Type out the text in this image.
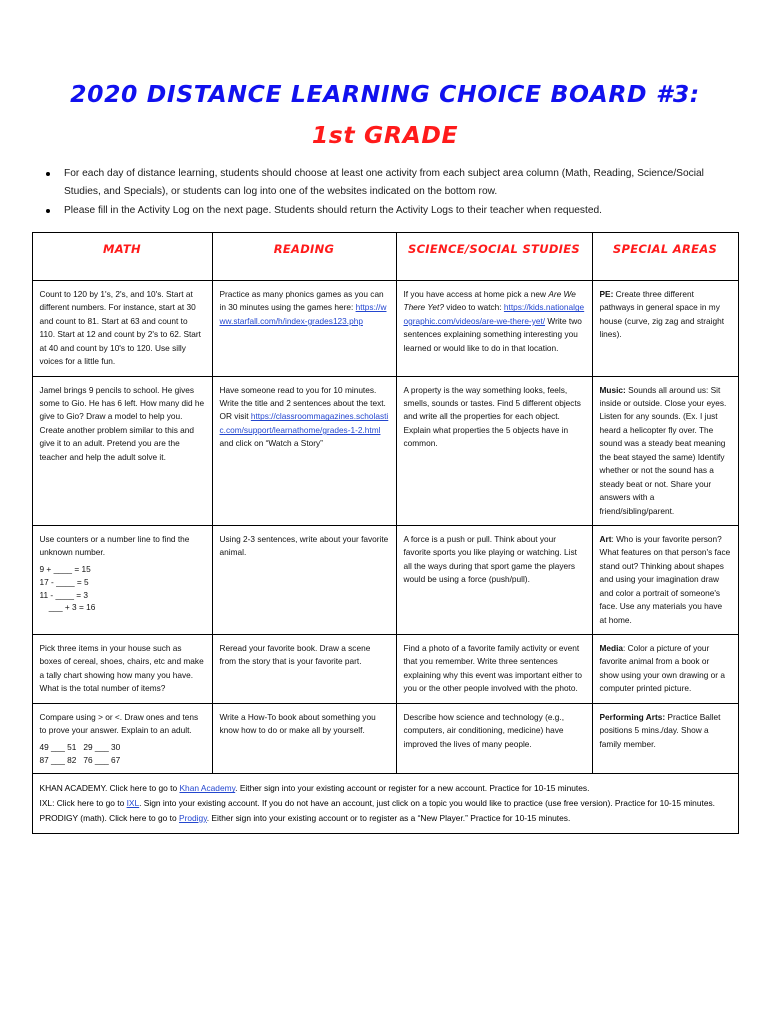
2020 DISTANCE LEARNING CHOICE BOARD #3:
1st GRADE
For each day of distance learning, students should choose at least one activity from each subject area column (Math, Reading, Science/Social Studies, and Specials), or students can log into one of the websites indicated on the bottom row.
Please fill in the Activity Log on the next page. Students should return the Activity Logs to their teacher when requested.
MATH	READING	SCIENCE/SOCIAL STUDIES	SPECIAL AREAS
Count to 120 by 1's, 2's, and 10's. Start at different numbers. For instance, start at 30 and count to 81. Start at 63 and count to 110. Start at 12 and count by 2's to 62. Start at 40 and count by 10's to 120. Use silly voices for a little fun.	Practice as many phonics games as you can in 30 minutes using the games here: https://www.starfall.com/h/index-grades123.php	If you have access at home pick a new Are We There Yet? video to watch: https://kids.nationalgeographic.com/videos/are-we-there-yet/ Write two sentences explaining something interesting you learned or would like to do in that location.	PE: Create three different pathways in general space in my house (curve, zig zag and straight lines).
Jamel brings 9 pencils to school. He gives some to Gio. He has 6 left. How many did he give to Gio? Draw a model to help you. Create another problem similar to this and give it to an adult. Pretend you are the teacher and help the adult solve it.	Have someone read to you for 10 minutes. Write the title and 2 sentences about the text. OR visit https://classroommagazines.scholastic.com/support/learnathome/grades-1-2.html and click on “Watch a Story”	A property is the way something looks, feels, smells, sounds or tastes. Find 5 different objects and write all the properties for each object. Explain what properties the 5 objects have in common.	Music: Sounds all around us: Sit inside or outside. Close your eyes. Listen for any sounds. (Ex. I just heard a helicopter fly over. The sound was a steady beat meaning the beat stayed the same) Identify whether or not the sound has a steady beat or not. Share your answers with a friend/sibling/parent.
Use counters or a number line to find the unknown number.
9 + ____ = 15
17 - ____ = 5
11 - ____ = 3
___ + 3 = 16
	Using 2-3 sentences, write about your favorite animal.	A force is a push or pull. Think about your favorite sports you like playing or watching. List all the ways during that sport game the players would be using a force (push/pull).	Art: Who is your favorite person? What features on that person's face stand out? Thinking about shapes and using your imagination draw and color a portrait of someone's face. Use any materials you have at home.
Pick three items in your house such as boxes of cereal, shoes, chairs, etc and make a tally chart showing how many you have. What is the total number of items?	Reread your favorite book. Draw a scene from the story that is your favorite part.	Find a photo of a favorite family activity or event that you remember. Write three sentences explaining why this event was important either to you or the other people involved with the photo.	Media: Color a picture of your favorite animal from a book or show using your own drawing or a computer printed picture.
Compare using > or <. Draw ones and tens to prove your answer. Explain to an adult.
49 ___ 51   29 ___ 30
87 ___ 82   76 ___ 67	Write a How-To book about something you know how to do or make all by yourself.	Describe how science and technology (e.g., computers, air conditioning, medicine) have improved the lives of many people.	Performing Arts: Practice Ballet positions 5 mins./day. Show a family member.

KHAN ACADEMY. Click here to go to Khan Academy. Either sign into your existing account or register for a new account. Practice for 10-15 minutes.
IXL: Click here to go to IXL. Sign into your existing account. If you do not have an account, just click on a topic you would like to practice (use free version). Practice for 10-15 minutes.
PRODIGY (math). Click here to go to Prodigy. Either sign into your existing account or to register as a “New Player.” Practice for 10-15 minutes.			
